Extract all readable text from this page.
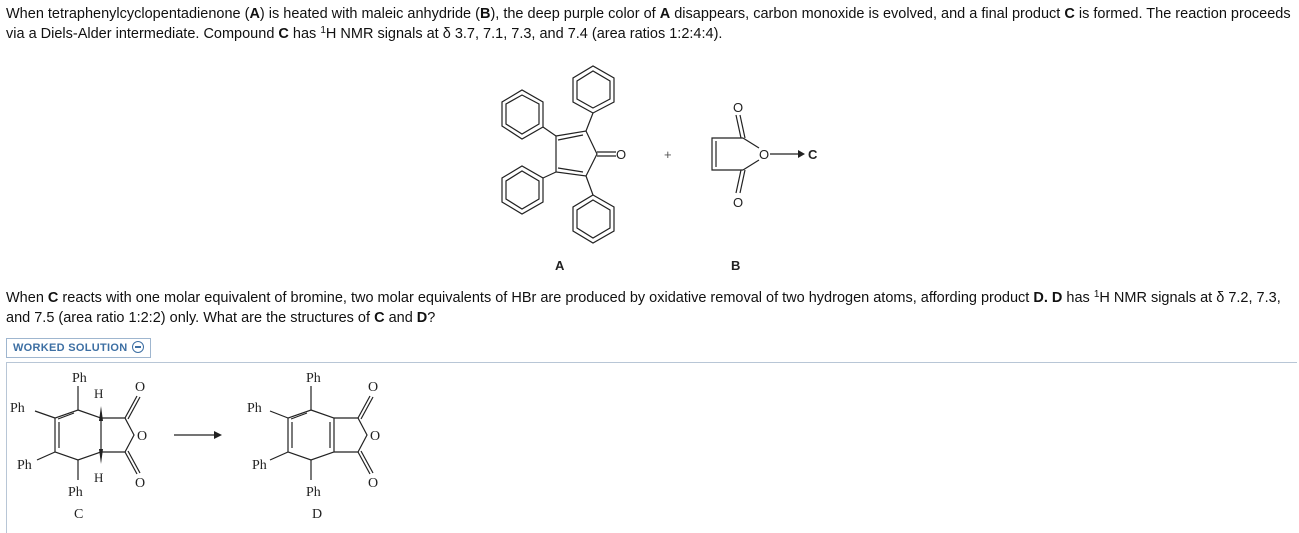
When tetraphenylcyclopentadienone (A) is heated with maleic anhydride (B), the deep purple color of A disappears, carbon monoxide is evolved, and a final product C is formed. The reaction proceeds via a Diels-Alder intermediate. Compound C has $^1$H NMR signals at δ 3.7, 7.1, 7.3, and 7.4 (area ratios 1:2:4:4).
O	+
O
O
O
C
A	B
When C reacts with one molar equivalent of bromine, two molar equivalents of HBr are produced by oxidative removal of two hydrogen atoms, affording product D. D has $^1$H NMR signals at δ 7.2, 7.3, and 7.5 (area ratio 1:2:2) only. What are the structures of C and D?
WORKED SOLUTION
Ph
H O
Ph
O
Ph
H O
Ph
C
Ph
O
Ph
O
Ph
O
Ph
D
